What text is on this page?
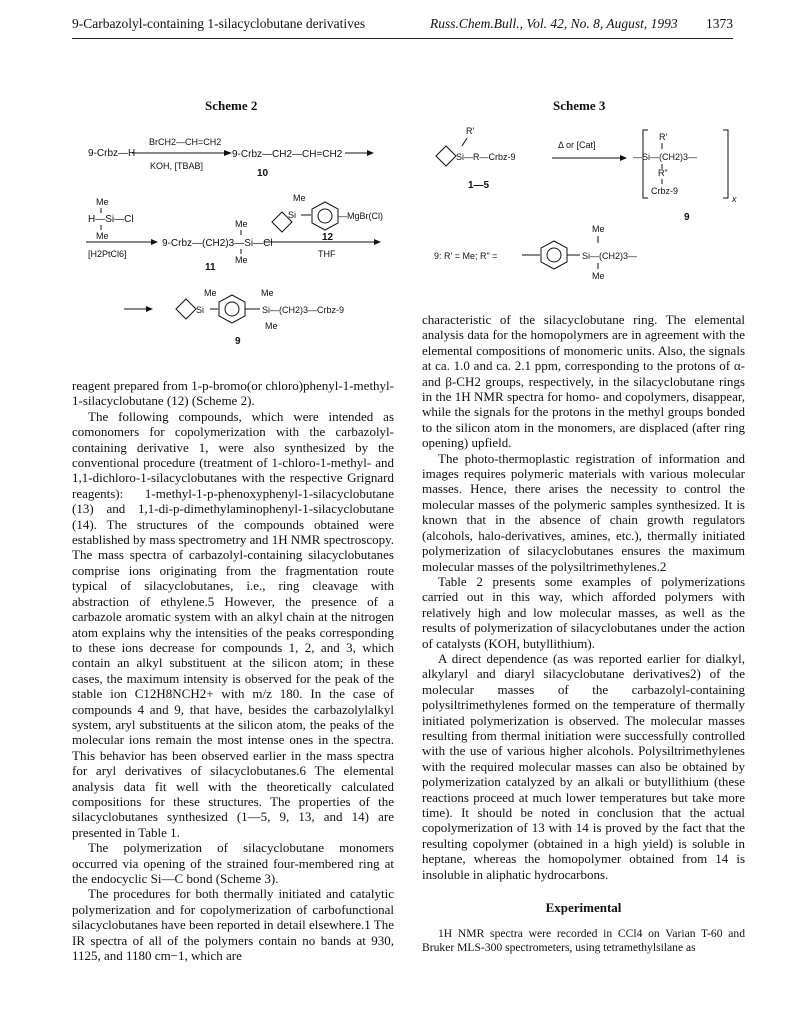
9-Carbazolyl-containing 1-silacyclobutane derivatives	Russ.Chem.Bull., Vol. 42, No. 8, August, 1993 1373
Scheme 2
9-Crbz—H
BrCH2—CH=CH2
KOH, [TBAB]
9-Crbz—CH2—CH=CH2
10
Me
H—Si—Cl
Me
[H2PtCl6]
Me
9-Crbz—(CH2)3—Si—Cl
Me
11
Me
Si	—MgBr(Cl)
12
THF
Me
Si
Me
Si—(CH2)3—Crbz-9
Me
9
Scheme 3
R'
Si—R—Crbz-9
1—5
Δ or [Cat]
R'
—Si—(CH2)3—
R"
Crbz-9
x
9
9: R' = Me; R" =
Me
Si—(CH2)3—
Me

reagent prepared from 1-p-bromo(or chloro)phenyl-1-methyl-1-silacyclobutane (12) (Scheme 2).

The following compounds, which were intended as comonomers for copolymerization with the carbazolyl-containing derivative 1, were also synthesized by the conventional procedure (treatment of 1-chloro-1-methyl- and 1,1-dichloro-1-silacyclobutanes with the respective Grignard reagents): 1-methyl-1-p-phenoxyphenyl-1-silacyclobutane (13) and 1,1-di-p-dimethylaminophenyl-1-silacyclobutane (14). The structures of the compounds obtained were established by mass spectrometry and 1H NMR spectroscopy. The mass spectra of carbazolyl-containing silacyclobutanes comprise ions originating from the fragmentation route typical of silacyclobutanes, i.e., ring cleavage with abstraction of ethylene.5 However, the presence of a carbazole aromatic system with an alkyl chain at the nitrogen atom explains why the intensities of the peaks corresponding to these ions decrease for compounds 1, 2, and 3, which contain an alkyl substituent at the silicon atom; in these cases, the maximum intensity is observed for the peak of the stable ion C12H8NCH2+ with m/z 180. In the case of compounds 4 and 9, that have, besides the carbazolylalkyl system, aryl substituents at the silicon atom, the peaks of the molecular ions remain the most intense ones in the spectra. This behavior has been observed earlier in the mass spectra for aryl derivatives of silacyclobutanes.6 The elemental analysis data fit well with the theoretically calculated compositions for these structures. The properties of the silacyclobutanes synthesized (1—5, 9, 13, and 14) are presented in Table 1.

The polymerization of silacyclobutane monomers occurred via opening of the strained four-membered ring at the endocyclic Si—C bond (Scheme 3).

The procedures for both thermally initiated and catalytic polymerization and for copolymerization of carbofunctional silacyclobutanes have been reported in detail elsewhere.1 The IR spectra of all of the polymers contain no bands at 930, 1125, and 1180 cm−1, which are

characteristic of the silacyclobutane ring. The elemental analysis data for the homopolymers are in agreement with the elemental compositions of monomeric units. Also, the signals at ca. 1.0 and ca. 2.1 ppm, corresponding to the protons of α- and β-CH2 groups, respectively, in the silacyclobutane rings in the 1H NMR spectra for homo- and copolymers, disappear, while the signals for the protons in the methyl groups bonded to the silicon atom in the monomers, are displaced (after ring opening) upfield.

The photo-thermoplastic registration of information and images requires polymeric materials with various molecular masses. Hence, there arises the necessity to control the molecular masses of the polymeric samples synthesized. It is known that in the absence of chain growth regulators (alcohols, halo-derivatives, amines, etc.), thermally initiated polymerization of silacyclobutanes ensures the maximum molecular masses of the polysiltrimethylenes.2

Table 2 presents some examples of polymerizations carried out in this way, which afforded polymers with relatively high and low molecular masses, as well as the results of polymerization of silacyclobutanes under the action of catalysts (KOH, butyllithium).

A direct dependence (as was reported earlier for dialkyl, alkylaryl and diaryl silacyclobutane derivatives2) of the molecular masses of the carbazolyl-containing polysiltrimethylenes formed on the temperature of thermally initiated polymerization is observed. The molecular masses resulting from thermal initiation were successfully controlled with the use of various higher alcohols. Polysiltrimethylenes with the required molecular masses can also be obtained by polymerization catalyzed by an alkali or butyllithium (these reactions proceed at much lower temperatures but take more time). It should be noted in conclusion that the actual copolymerization of 13 with 14 is proved by the fact that the resulting copolymer (obtained in a high yield) is soluble in heptane, whereas the homopolymer obtained from 14 is insoluble in aliphatic hydrocarbons.

Experimental

1H NMR spectra were recorded in CCl4 on Varian T-60 and Bruker MLS-300 spectrometers, using tetramethylsilane as
